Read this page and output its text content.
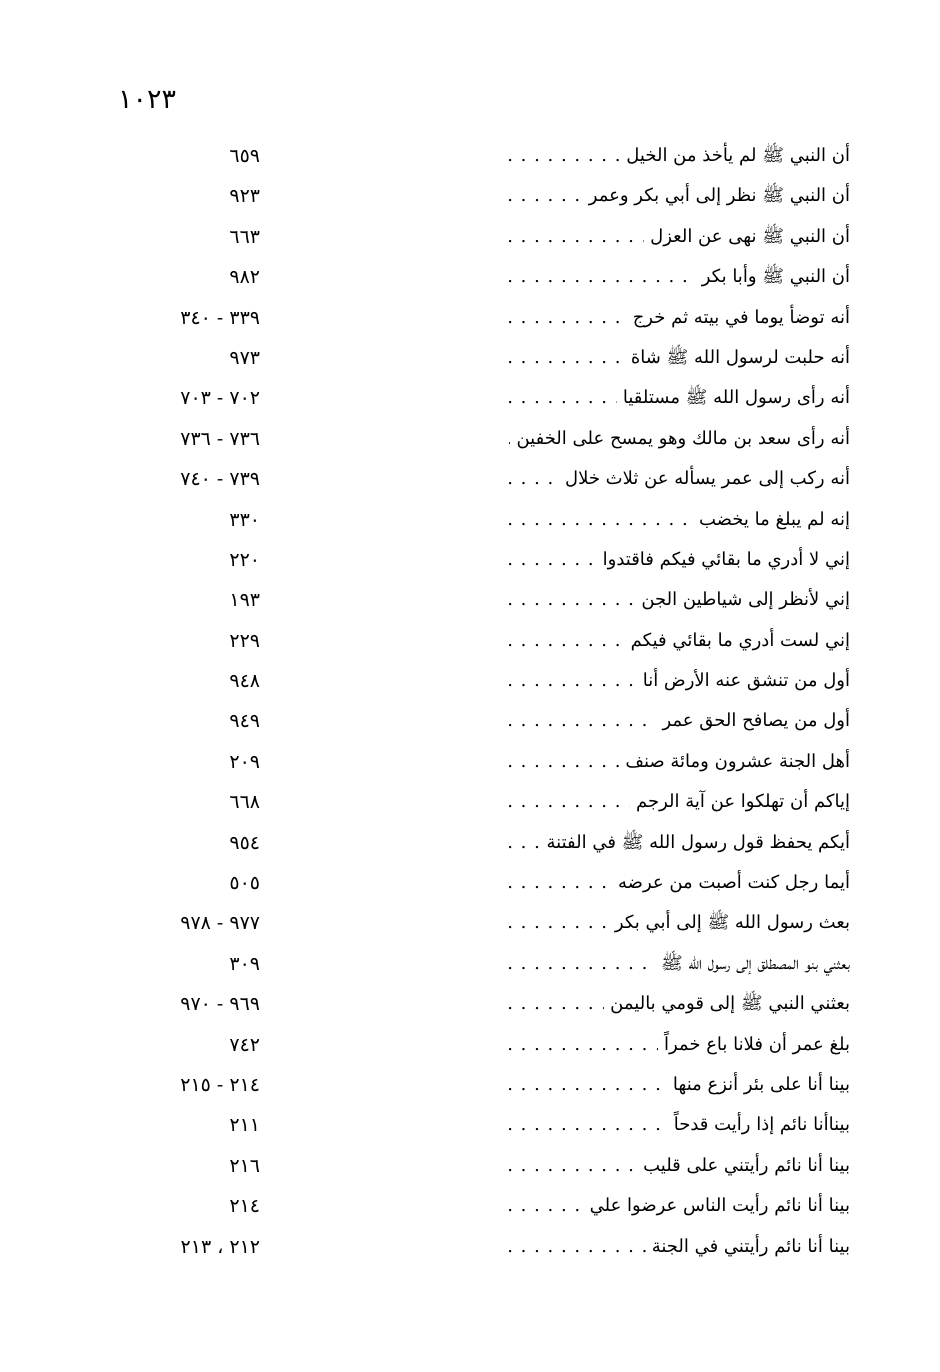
١٠٢٣
أن النبي ﷺ لم يأخذ من الخيل . . .
٦٥٩
أن النبي ﷺ نظر إلى أبي بكر وعمر . . .
٩٢٣
أن النبي ﷺ نهى عن العزل . . .
٦٦٣
أن النبي ﷺ وأبا بكر . . .
٩٨٢
أنه توضأ يوما في بيته ثم خرج . . .
٣٣٩ - ٣٤٠
أنه حلبت لرسول الله ﷺ شاة . . .
٩٧٣
أنه رأى رسول الله ﷺ مستلقيا . . .
٧٠٢ - ٧٠٣
أنه رأى سعد بن مالك وهو يمسح على الخفين . . .
٧٣٦ - ٧٣٦
أنه ركب إلى عمر يسأله عن ثلاث خلال . . .
٧٣٩ - ٧٤٠
إنه لم يبلغ ما يخضب . . .
٣٣٠
إني لا أدري ما بقائي فيكم فاقتدوا . . .
٢٢٠
إني لأنظر إلى شياطين الجن . . .
١٩٣
إني لست أدري ما بقائي فيكم . . .
٢٢٩
أول من تنشق عنه الأرض أنا . . .
٩٤٨
أول من يصافح الحق عمر . . .
٩٤٩
أهل الجنة عشرون ومائة صنف . . .
٢٠٩
إياكم أن تهلكوا عن آية الرجم . . .
٦٦٨
أيكم يحفظ قول رسول الله ﷺ في الفتنة . . .
٩٥٤
أيما رجل كنت أصبت من عرضه . . .
٥٠٥
بعث رسول الله ﷺ إلى أبي بكر . . .
٩٧٧ - ٩٧٨
بعثني بنو المصطلق إلى رسول الله ﷺ . . .
٣٠٩
بعثني النبي ﷺ إلى قومي باليمن . . .
٩٦٩ - ٩٧٠
بلغ عمر أن فلانا باع خمراً . . .
٧٤٢
بينا أنا على بئر أنزع منها . . .
٢١٤ - ٢١٥
بيناأنا نائم إذا رأيت قدحاً . . .
٢١١
بينا أنا نائم رأيتني على قليب . . .
٢١٦
بينا أنا نائم رأيت الناس عرضوا علي . . .
٢١٤
بينا أنا نائم رأيتني في الجنة . . .
٢١٢ ، ٢١٣
